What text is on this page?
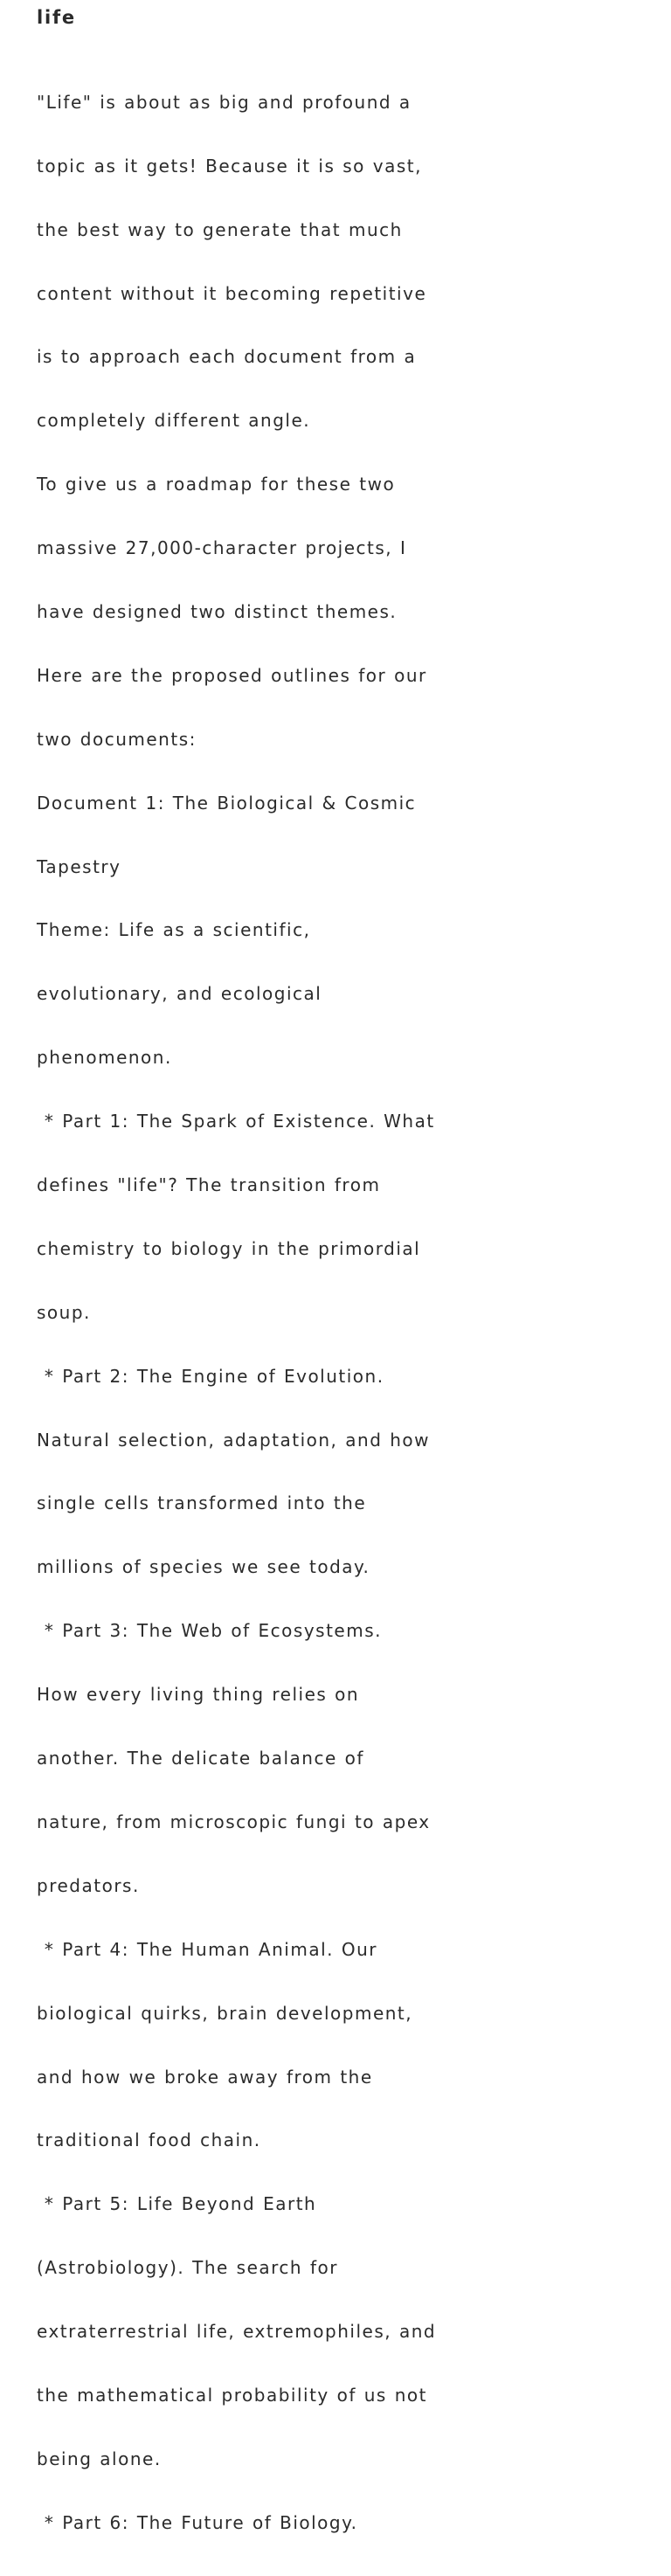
life

"Life" is about as big and profound a

topic as it gets! Because it is so vast,

the best way to generate that much

content without it becoming repetitive

is to approach each document from a

completely different angle.

To give us a roadmap for these two

massive 27,000-character projects, I

have designed two distinct themes.

Here are the proposed outlines for our

two documents:

Document 1: The Biological & Cosmic

Tapestry

Theme: Life as a scientific,

evolutionary, and ecological

phenomenon.

* Part 1: The Spark of Existence. What

defines "life"? The transition from

chemistry to biology in the primordial

soup.

* Part 2: The Engine of Evolution.

Natural selection, adaptation, and how

single cells transformed into the

millions of species we see today.

* Part 3: The Web of Ecosystems.

How every living thing relies on

another. The delicate balance of

nature, from microscopic fungi to apex

predators.

* Part 4: The Human Animal. Our

biological quirks, brain development,

and how we broke away from the

traditional food chain.

* Part 5: Life Beyond Earth

(Astrobiology). The search for

extraterrestrial life, extremophiles, and

the mathematical probability of us not

being alone.

* Part 6: The Future of Biology.
